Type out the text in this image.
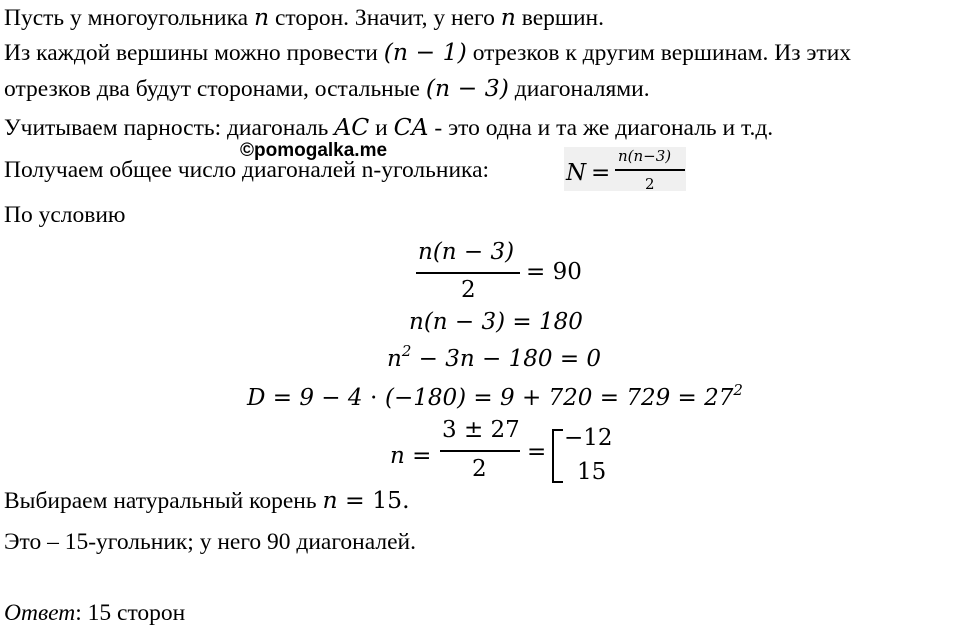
Пусть у многоугольника n сторон. Значит, у него n вершин.
Из каждой вершины можно провести (n − 1) отрезков к другим вершинам. Из этих
отрезков два будут сторонами, остальные (n − 3) диагоналями.
Учитываем парность: диагональ AC и CA - это одна и та же диагональ и т.д.
©pomogalka.me
Получаем общее число диагоналей n-угольника:	N =
n(n−3)
2
По условию
n(n − 3)
2
= 90
n(n − 3) = 180
$n^2 - 3n - 180 = 0$
$D = 9 - 4 \cdot (-180) = 9 + 720 = 729 = 27^2$
n =
3 ± 27
2
=
−12
15
Выбираем натуральный корень n = 15.
Это – 15-угольник; у него 90 диагоналей.
Ответ: 15 сторон
